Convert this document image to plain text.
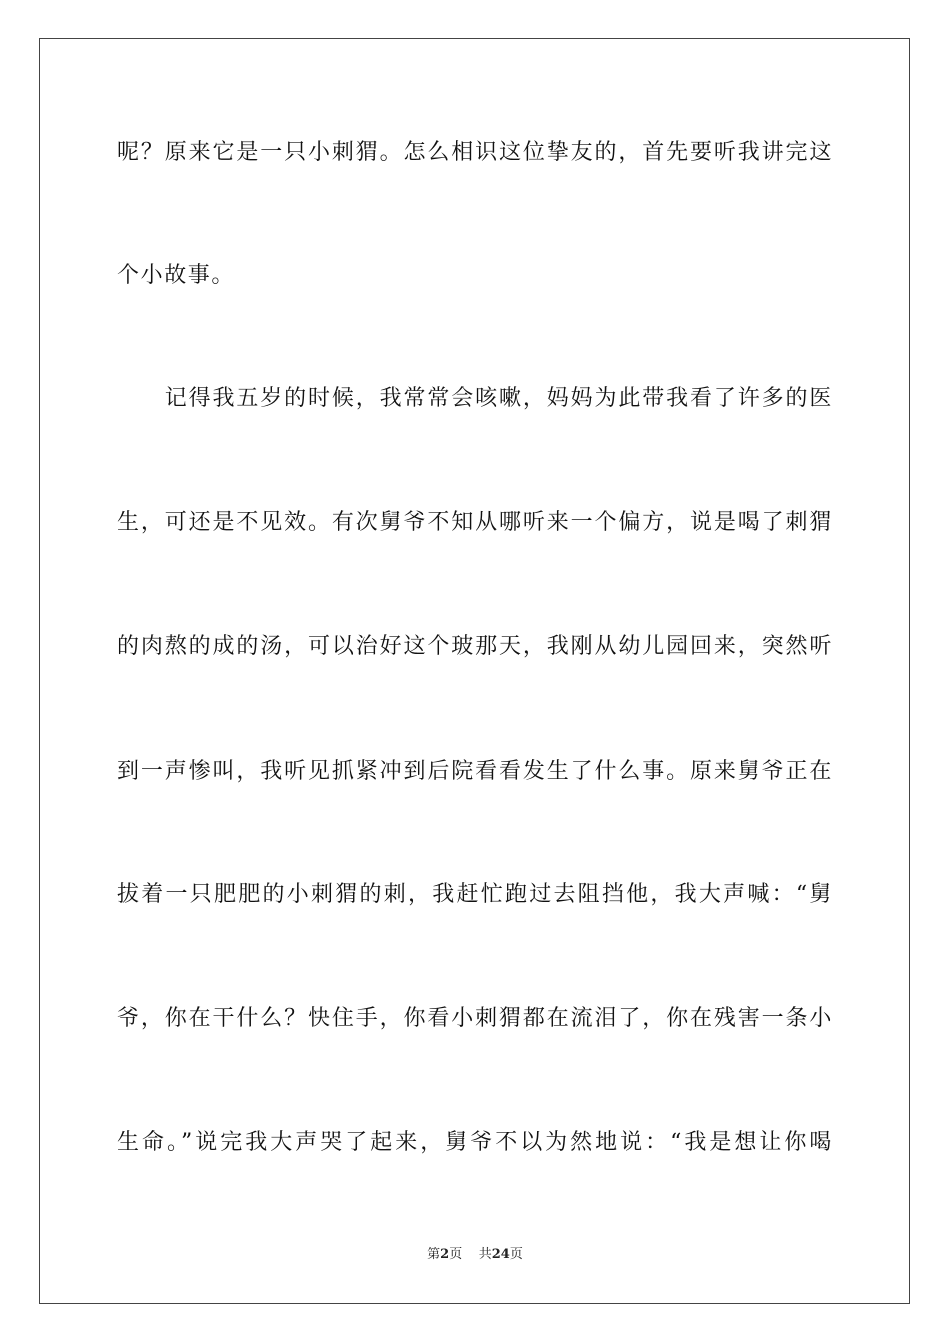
呢？原来它是一只小刺猬。怎么相识这位挚友的，首先要听我讲完这
个小故事。
　　记得我五岁的时候，我常常会咳嗽，妈妈为此带我看了许多的医
生，可还是不见效。有次舅爷不知从哪听来一个偏方，说是喝了刺猬
的肉熬的成的汤，可以治好这个玻那天，我刚从幼儿园回来，突然听
到一声惨叫，我听见抓紧冲到后院看看发生了什么事。原来舅爷正在
拔着一只肥肥的小刺猬的刺，我赶忙跑过去阻挡他，我大声喊：“舅
爷，你在干什么？快住手，你看小刺猬都在流泪了，你在残害一条小
生命。”说完我大声哭了起来，舅爷不以为然地说：“我是想让你喝
第2页 共24页
